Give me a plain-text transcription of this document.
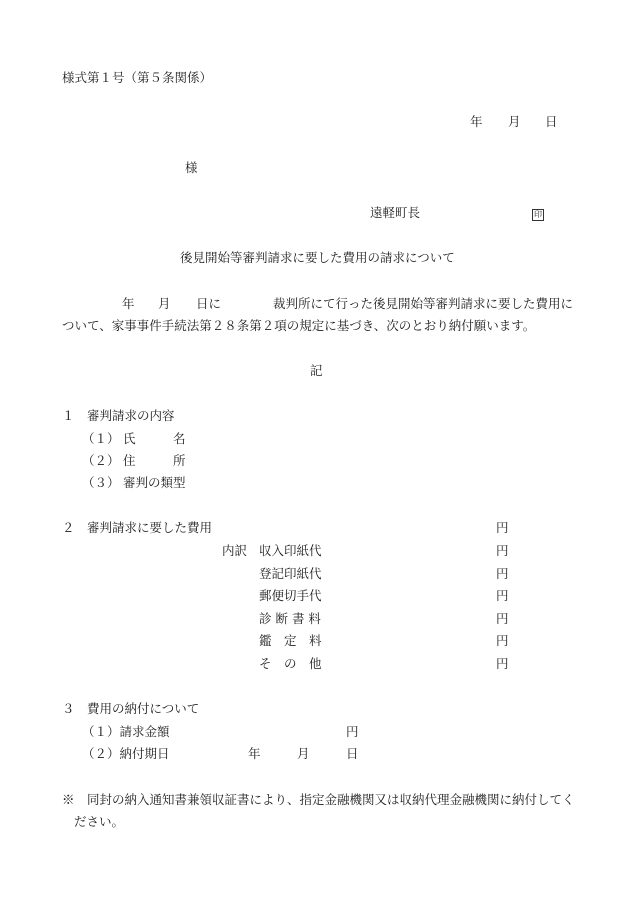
様式第１号（第５条関係）
年 月 日
様
遠軽町長	印
後見開始等審判請求に要した費用の請求について
年 月 日に	裁判所にて行った後見開始等審判請求に要した費用に
ついて、家事事件手続法第２８条第２項の規定に基づき、次のとおり納付願います。
記
１　審判請求の内容
（１） 氏　　　名
（２） 住　　　所
（３） 審判の類型
２　審判請求に要した費用	円
内訳 収入印紙代	円
登記印紙代	円
郵便切手代	円
診 断 書 料	円
鑑　定　料	円
そ　の　他	円
３　費用の納付について
（１）請求金額	円
（２）納付期日	年	月	日
※　同封の納入通知書兼領収証書により、指定金融機関又は収納代理金融機関に納付してく
ださい。
